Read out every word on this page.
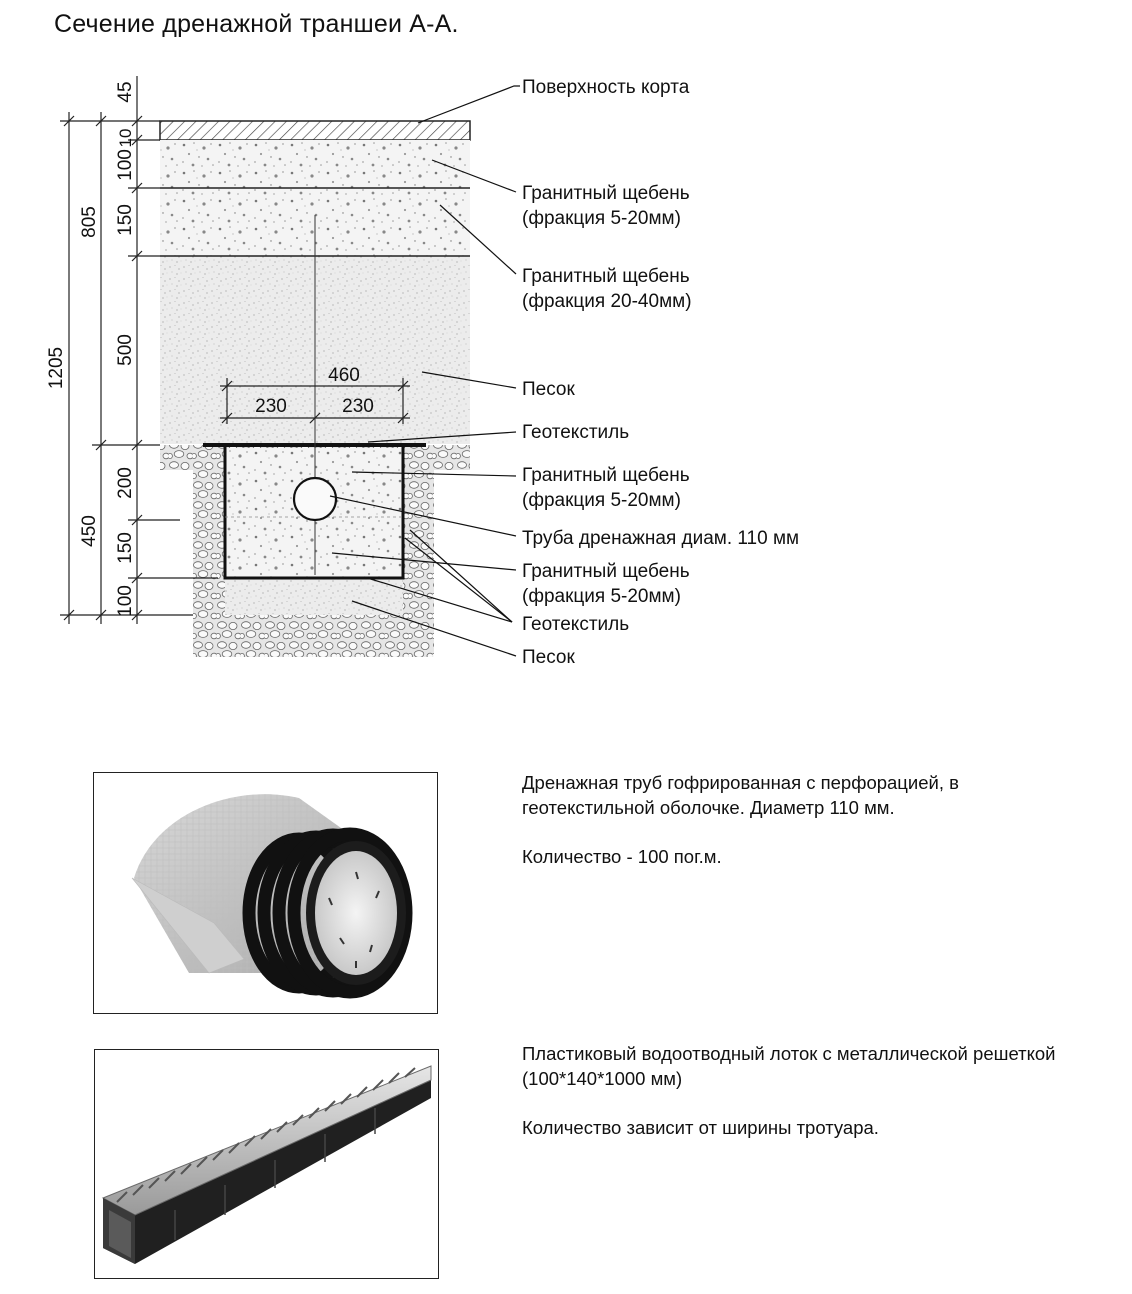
Сечение дренажной траншеи А-А.
460
230	230
1205
805
450
45
10
100
150
500
200
150
100
Поверхность корта
Гранитный щебень
(фракция 5-20мм)
Гранитный щебень
(фракция 20-40мм)
Песок
Геотекстиль
Гранитный щебень
(фракция 5-20мм)
Труба дренажная диам. 110 мм
Гранитный щебень
(фракция 5-20мм)
Геотекстиль
Песок

Дренажная труб гофрированная с перфорацией, в геотекстильной оболочке. Диаметр 110 мм.

Количество - 100 пог.м.

Пластиковый водоотводный лоток с металлической решеткой (100*140*1000 мм)

Количество зависит от ширины тротуара.
